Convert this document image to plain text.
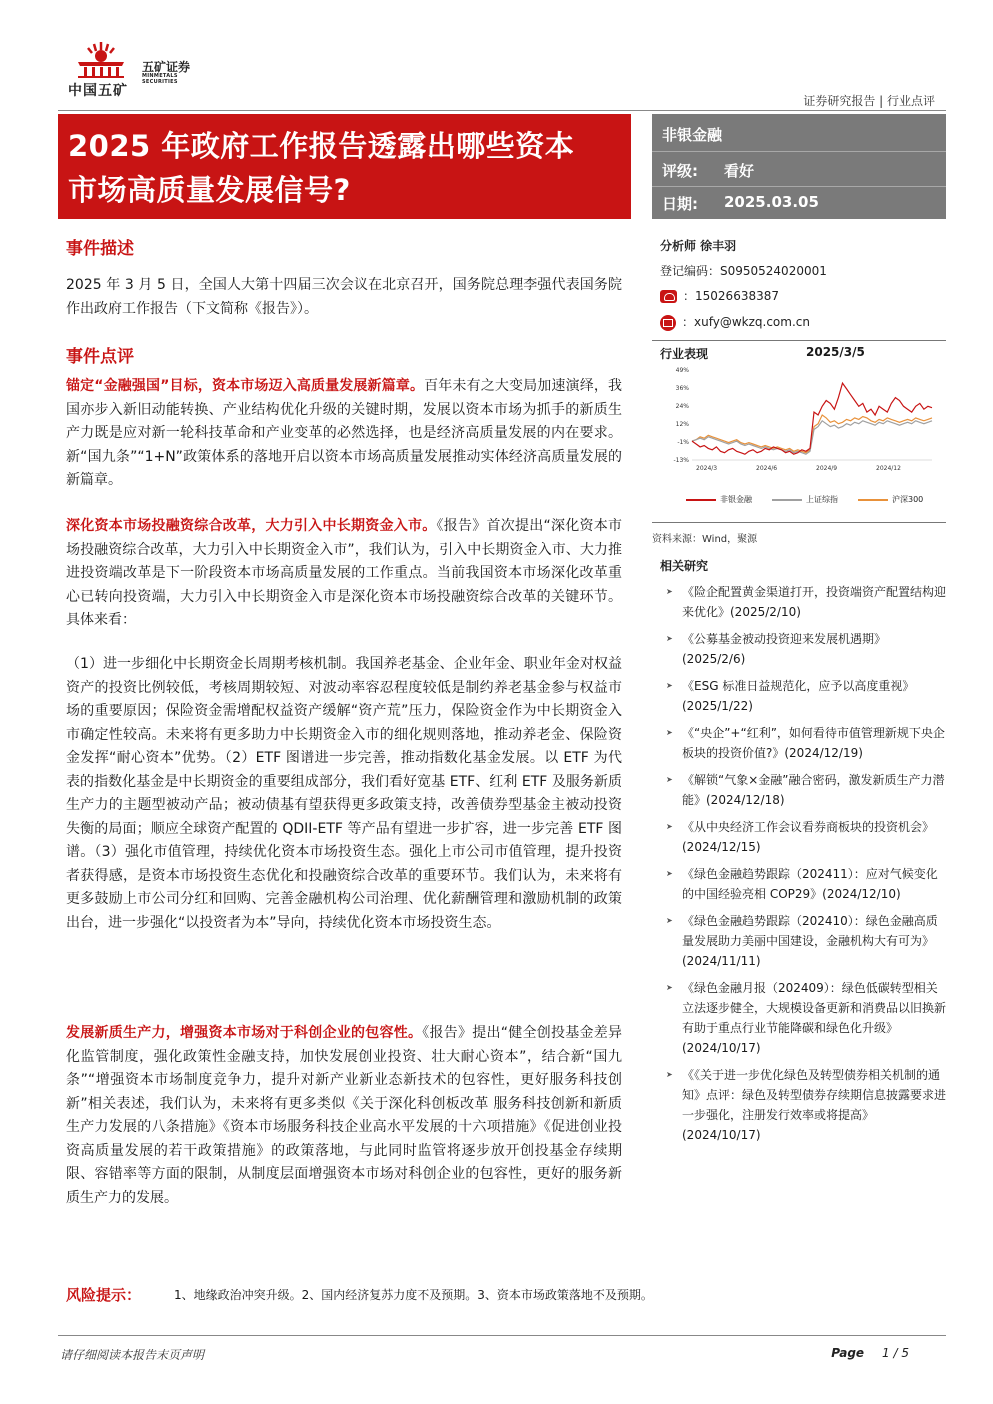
中国五矿
五矿证券
MINMETALS SECURITIES
证券研究报告 | 行业点评
2025 年政府工作报告透露出哪些资本
市场高质量发展信号?
非银金融
评级: 看好
日期: 2025.03.05
事件描述
2025 年 3 月 5 日，全国人大第十四届三次会议在北京召开，国务院总理李强代表国务院作出政府工作报告（下文简称《报告》）。
事件点评
锚定“金融强国”目标，资本市场迈入高质量发展新篇章。百年未有之大变局加速演绎，我国亦步入新旧动能转换、产业结构优化升级的关键时期，发展以资本市场为抓手的新质生产力既是应对新一轮科技革命和产业变革的必然选择，也是经济高质量发展的内在要求。新“国九条”“1+N”政策体系的落地开启以资本市场高质量发展推动实体经济高质量发展的新篇章。
深化资本市场投融资综合改革，大力引入中长期资金入市。《报告》首次提出“深化资本市场投融资综合改革，大力引入中长期资金入市”，我们认为，引入中长期资金入市、大力推进投资端改革是下一阶段资本市场高质量发展的工作重点。当前我国资本市场深化改革重心已转向投资端，大力引入中长期资金入市是深化资本市场投融资综合改革的关键环节。具体来看：
（1）进一步细化中长期资金长周期考核机制。我国养老基金、企业年金、职业年金对权益资产的投资比例较低，考核周期较短、对波动率容忍程度较低是制约养老基金参与权益市场的重要原因；保险资金需增配权益资产缓解“资产荒”压力，保险资金作为中长期资金入市确定性较高。未来将有更多助力中长期资金入市的细化规则落地，推动养老金、保险资金发挥“耐心资本”优势。（2）ETF 图谱进一步完善，推动指数化基金发展。以 ETF 为代表的指数化基金是中长期资金的重要组成部分，我们看好宽基 ETF、红利 ETF 及服务新质生产力的主题型被动产品；被动债基有望获得更多政策支持，改善债券型基金主被动投资失衡的局面；顺应全球资产配置的 QDII-ETF 等产品有望进一步扩容，进一步完善 ETF 图谱。（3）强化市值管理，持续优化资本市场投资生态。强化上市公司市值管理，提升投资者获得感，是资本市场投资生态优化和投融资综合改革的重要环节。我们认为，未来将有更多鼓励上市公司分红和回购、完善金融机构公司治理、优化薪酬管理和激励机制的政策出台，进一步强化“以投资者为本”导向，持续优化资本市场投资生态。
发展新质生产力，增强资本市场对于科创企业的包容性。《报告》提出“健全创投基金差异化监管制度，强化政策性金融支持，加快发展创业投资、壮大耐心资本”，结合新“国九条”“增强资本市场制度竞争力，提升对新产业新业态新技术的包容性，更好服务科技创新”相关表述，我们认为，未来将有更多类似《关于深化科创板改革 服务科技创新和新质生产力发展的八条措施》《资本市场服务科技企业高水平发展的十六项措施》《促进创业投资高质量发展的若干政策措施》的政策落地，与此同时监管将逐步放开创投基金存续期限、容错率等方面的限制，从制度层面增强资本市场对科创企业的包容性，更好的服务新质生产力的发展。
分析师 徐丰羽
登记编码：S0950524020001
：15026638387
：xufy@wkzq.com.cn
行业表现	2025/3/5
49%
36%
24%
12%
-1%
-13%
2024/3	2024/6	2024/9	2024/12
非银金融	上证综指	沪深300
资料来源：Wind，聚源
相关研究
➤ 《险企配置黄金渠道打开，投资端资产配置结构迎来优化》(2025/2/10)
➤ 《公募基金被动投资迎来发展机遇期》(2025/2/6)
➤ 《ESG 标准日益规范化，应予以高度重视》(2025/1/22)
➤ 《“央企”+“红利”，如何看待市值管理新规下央企板块的投资价值?》(2024/12/19)
➤ 《解锁“气象×金融”融合密码，激发新质生产力潜能》(2024/12/18)
➤ 《从中央经济工作会议看券商板块的投资机会》(2024/12/15)
➤ 《绿色金融趋势跟踪（202411）：应对气候变化的中国经验亮相 COP29》(2024/12/10)
➤ 《绿色金融趋势跟踪（202410）：绿色金融高质量发展助力美丽中国建设，金融机构大有可为》(2024/11/11)
➤ 《绿色金融月报（202409）：绿色低碳转型相关立法逐步健全，大规模设备更新和消费品以旧换新有助于重点行业节能降碳和绿色化升级》(2024/10/17)
➤ 《《关于进一步优化绿色及转型债券相关机制的通知》点评：绿色及转型债券存续期信息披露要求进一步强化，注册发行效率或将提高》(2024/10/17)
风险提示：	1、地缘政治冲突升级。2、国内经济复苏力度不及预期。3、资本市场政策落地不及预期。
请仔细阅读本报告末页声明	Page 1 / 5
